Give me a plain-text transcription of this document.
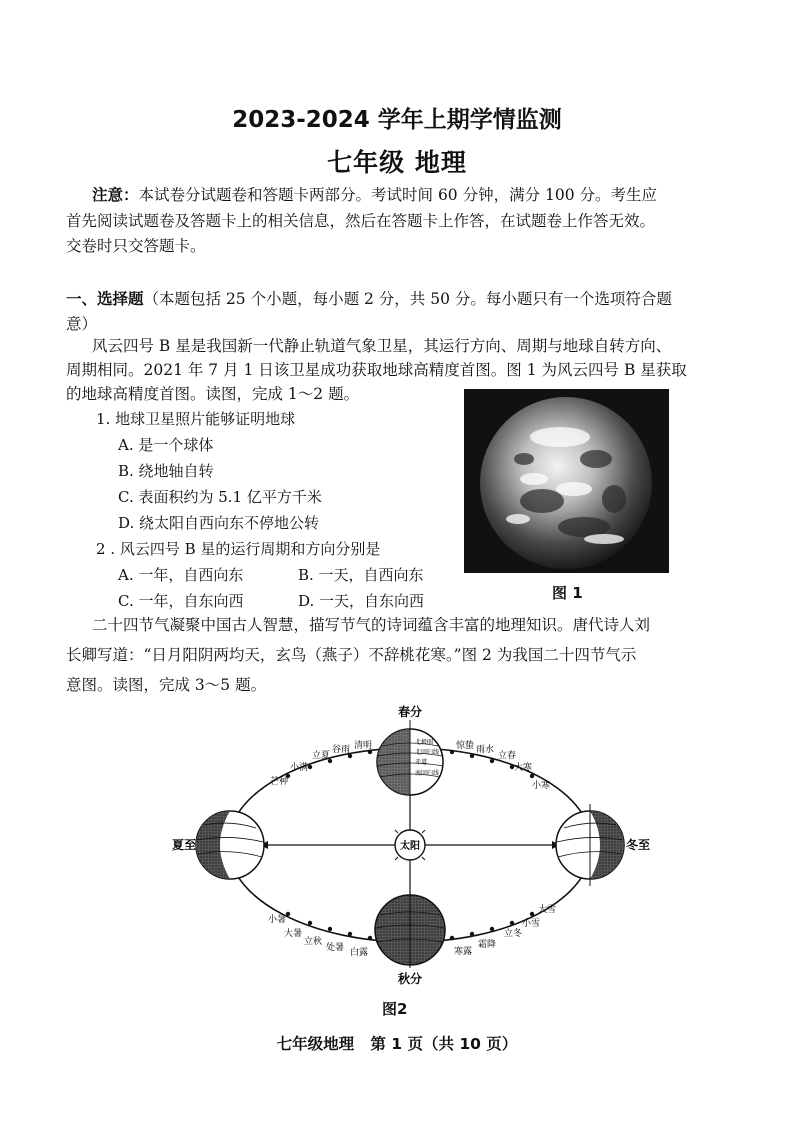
2023-2024 学年上期学情监测
七年级 地理
注意：本试卷分试题卷和答题卡两部分。考试时间 60 分钟，满分 100 分。考生应
首先阅读试题卷及答题卡上的相关信息，然后在答题卡上作答，在试题卷上作答无效。
交卷时只交答题卡。
一、选择题（本题包括 25 个小题，每小题 2 分，共 50 分。每小题只有一个选项符合题
意）
风云四号 B 星是我国新一代静止轨道气象卫星，其运行方向、周期与地球自转方向、
周期相同。2021 年 7 月 1 日该卫星成功获取地球高精度首图。图 1 为风云四号 B 星获取
的地球高精度首图。读图，完成 1～2 题。
1. 地球卫星照片能够证明地球
A. 是一个球体
B. 绕地轴自转
C. 表面积约为 5.1 亿平方千米
D. 绕太阳自西向东不停地公转
2 . 风云四号 B 星的运行周期和方向分别是
A. 一年，自西向东	B. 一天，自西向东
C. 一年，自东向西	D. 一天，自东向西	图 1
二十四节气凝聚中国古人智慧，描写节气的诗词蕴含丰富的地理知识。唐代诗人刘
长卿写道：“日月阳阴两均天，玄鸟（燕子）不辞桃花寒。”图 2 为我国二十四节气示
意图。读图，完成 3～5 题。
太阳
北极圈
北回归线
赤道
南回归线
春分
夏至
秋分
冬至
立夏
谷雨 清明
小满
芒种
惊蛰 雨水
立春
大寒
小寒
小暑
大暑
立秋
处暑 白露
大雪
小雪
立冬
霜降
寒露
图2
七年级地理   第 1 页（共 10 页）
